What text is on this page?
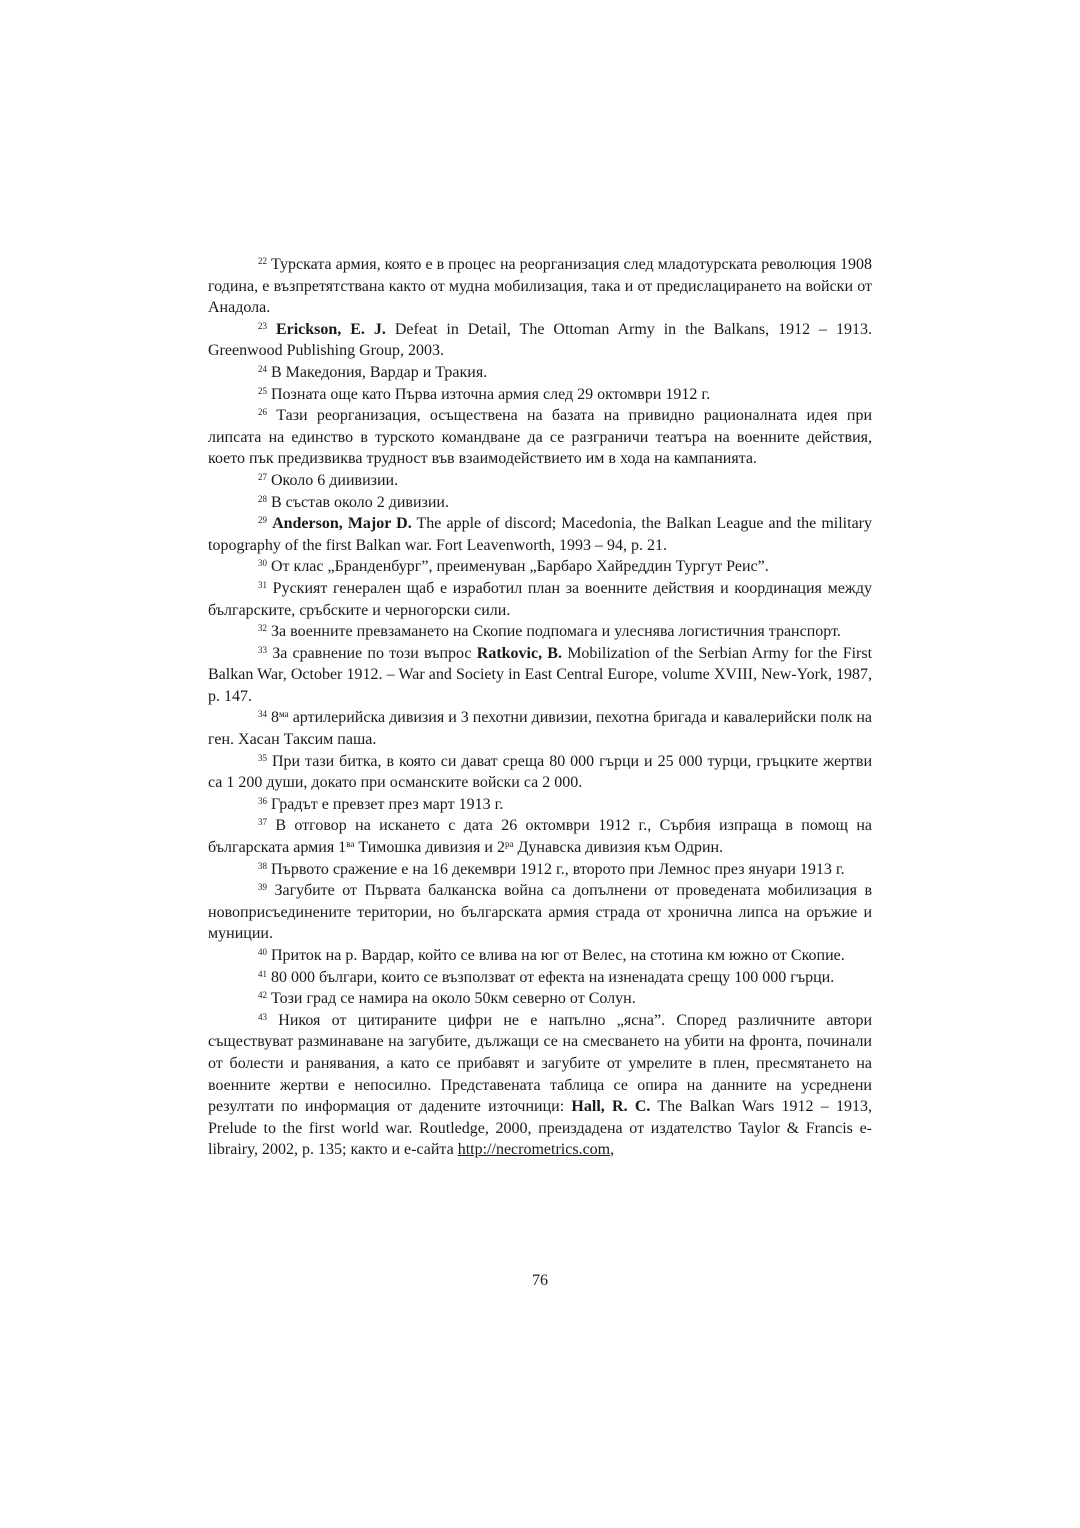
$^{22}$ Турската армия, която е в процес на реорганизация след младотурската революция 1908 година, е възпретятствана както от мудна мобилизация, така и от предислацирането на войски от Анадола.

$^{23}$ Erickson, E. J. Defeat in Detail, The Ottoman Army in the Balkans, 1912 – 1913. Greenwood Publishing Group, 2003.

$^{24}$ В Македония, Вардар и Тракия.

$^{25}$ Позната още като Първа източна армия след 29 октомври 1912 г.

$^{26}$ Тази реорганизация, осъществена на базата на привидно рационалната идея при липсата на единство в турското командване да се разграничи театъра на военните действия, което пък предизвиква трудност във взаимодействието им в хода на кампанията.

$^{27}$ Около 6 диивизии.

$^{28}$ В състав около 2 дивизии.

$^{29}$ Anderson, Major D. The apple of discord; Macedonia, the Balkan League and the military topography of the first Balkan war. Fort Leavenworth, 1993 – 94, p. 21.

$^{30}$ От клас „Бранденбург”, преименуван „Барбаро Хайреддин Тургут Реис”.

$^{31}$ Руският генерален щаб е изработил план за военните действия и координация между българските, сръбските и черногорски сили.

$^{32}$ За военните превзамането на Скопие подпомага и улеснява логистичния транспорт.

$^{33}$ За сравнение по този въпрос Ratkovic, B. Mobilization of the Serbian Army for the First Balkan War, October 1912. – War and Society in East Central Europe, volume XVIII, New-York, 1987, p. 147.

$^{34}$ $8^{ма}$ артилерийска дивизия и 3 пехотни дивизии, пехотна бригада и кавалерийски полк на ген. Хасан Таксим паша.

$^{35}$ При тази битка, в която си дават среща 80 000 гърци и 25 000 турци, гръцките жертви са 1 200 души, докато при османските войски са 2 000.

$^{36}$ Градът е превзет през март 1913 г.

$^{37}$ В отговор на искането с дата 26 октомври 1912 г., Сърбия изпраща в помощ на българската армия $1^{ва}$ Тимошка дивизия и $2^{ра}$ Дунавска дивизия към Одрин.

$^{38}$ Първото сражение е на 16 декември 1912 г., второто при Лемнос през януари 1913 г.

$^{39}$ Загубите от Първата балканска война са допълнени от проведената мобилизация в новоприсъединените територии, но българската армия страда от хронична липса на оръжие и муниции.

$^{40}$ Приток на р. Вардар, който се влива на юг от Велес, на стотина км южно от Скопие.

$^{41}$ 80 000 българи, които се възползват от ефекта на изненадата срещу 100 000 гърци.

$^{42}$ Този град се намира на около 50км северно от Солун.

$^{43}$ Никоя от цитираните цифри не е напълно „ясна”. Според различните автори съществуват разминаване на загубите, дължащи се на смесването на убити на фронта, починали от болести и ранявания, а като се прибавят и загубите от умрелите в плен, пресмятането на военните жертви е непосилно. Представената таблица се опира на данните на усреднени резултати по информация от дадените източници: Hall, R. C. The Balkan Wars 1912 – 1913, Prelude to the first world war. Routledge, 2000, преиздадена от издателство Taylor & Francis e-librairy, 2002, p. 135; както и е-сайта http://necrometrics.com,

76
